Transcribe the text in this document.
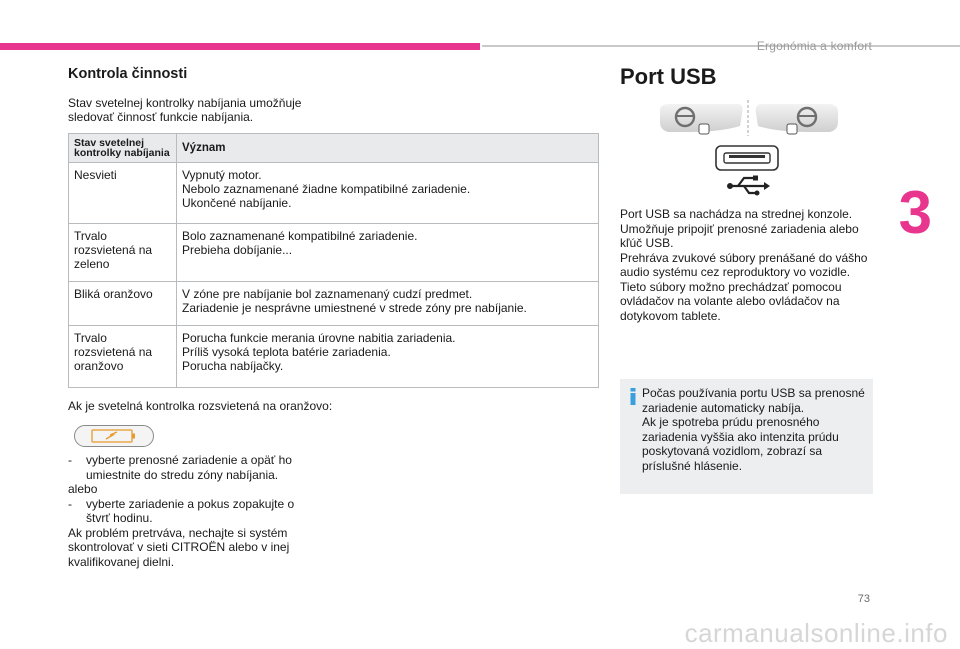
Ergonómia a komfort
3
Kontrola činnosti

Stav svetelnej kontrolky nabíjania umožňuje sledovať činnosť funkcie nabíjania.

Stav svetelnej kontrolky nabíjania	Význam
Nesvieti	Vypnutý motor.
Nebolo zaznamenané žiadne kompatibilné zariadenie.
Ukončené nabíjanie.

Trvalo rozsvietená na zeleno	Bolo zaznamenané kompatibilné zariadenie.
Prebieha dobíjanie...

Bliká oranžovo	V zóne pre nabíjanie bol zaznamenaný cudzí predmet.
Zariadenie je nesprávne umiestnené v strede zóny pre nabíjanie.

Trvalo rozsvietená na oranžovo	Porucha funkcie merania úrovne nabitia zariadenia.
Príliš vysoká teplota batérie zariadenia.
Porucha nabíjačky.

Ak je svetelná kontrolka rozsvietená na oranžovo:

-	vyberte prenosné zariadenie a opäť ho umiestnite do stredu zóny nabíjania.
alebo
-	vyberte zariadenie a pokus zopakujte o štvrť hodinu.
Ak problém pretrváva, nechajte si systém skontrolovať v sieti CITROËN alebo v inej kvalifikovanej dielni.
Port USB
Port USB sa nachádza na strednej konzole.
Umožňuje pripojiť prenosné zariadenia alebo kľúč USB.
Prehráva zvukové súbory prenášané do vášho audio systému cez reproduktory vo vozidle.
Tieto súbory možno prechádzať pomocou ovládačov na volante alebo ovládačov na dotykovom tablete.
Počas používania portu USB sa prenosné zariadenie automaticky nabíja.
Ak je spotreba prúdu prenosného zariadenia vyššia ako intenzita prúdu poskytovaná vozidlom, zobrazí sa príslušné hlásenie.
73
carmanualsonline.info
